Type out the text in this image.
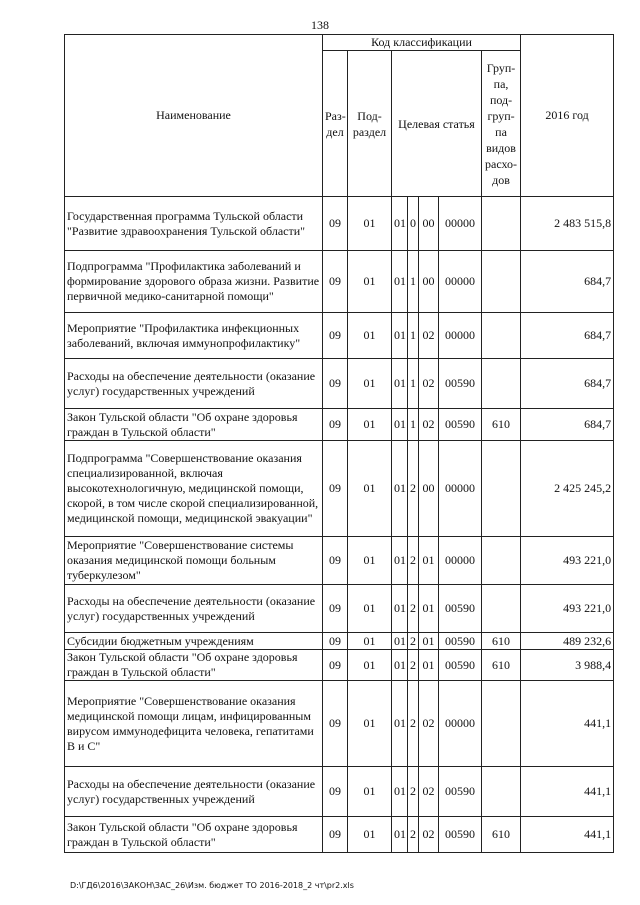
138
Наименование	Код классификации							2016 год
	Раз- дел	Под- раздел	Целевая статья				Груп- па, под- груп- па видов расхо- дов	
Государственная программа Тульской области "Развитие здравоохранения Тульской области"	09	01	01	0	00	00000		2 483 515,8
Подпрограмма "Профилактика заболеваний и формирование здорового образа жизни. Развитие первичной медико-санитарной помощи"	09	01	01	1	00	00000		684,7
Мероприятие "Профилактика инфекционных заболеваний, включая иммунопрофилактику"	09	01	01	1	02	00000		684,7
Расходы на обеспечение деятельности (оказание услуг) государственных учреждений	09	01	01	1	02	00590		684,7
Закон Тульской области "Об охране здоровья граждан в Тульской области"	09	01	01	1	02	00590	610	684,7
Подпрограмма "Совершенствование оказания специализированной, включая высокотехнологичную, медицинской помощи, скорой, в том числе скорой специализированной, медицинской помощи, медицинской эвакуации"	09	01	01	2	00	00000		2 425 245,2
Мероприятие "Совершенствование системы оказания медицинской помощи больным туберкулезом"	09	01	01	2	01	00000		493 221,0
Расходы на обеспечение деятельности (оказание услуг) государственных учреждений	09	01	01	2	01	00590		493 221,0
Субсидии бюджетным учреждениям	09	01	01	2	01	00590	610	489 232,6
Закон Тульской области "Об охране здоровья граждан в Тульской области"	09	01	01	2	01	00590	610	3 988,4
Мероприятие "Совершенствование оказания медицинской помощи лицам, инфицированным вирусом иммунодефицита человека, гепатитами В и С"	09	01	01	2	02	00000		441,1
Расходы на обеспечение деятельности (оказание услуг) государственных учреждений	09	01	01	2	02	00590		441,1
Закон Тульской области "Об охране здоровья граждан в Тульской области"	09	01	01	2	02	00590	610	441,1
D:\ГД6\2016\ЗАКОН\ЗАС_26\Изм. бюджет ТО 2016-2018_2 чт\pr2.xls
